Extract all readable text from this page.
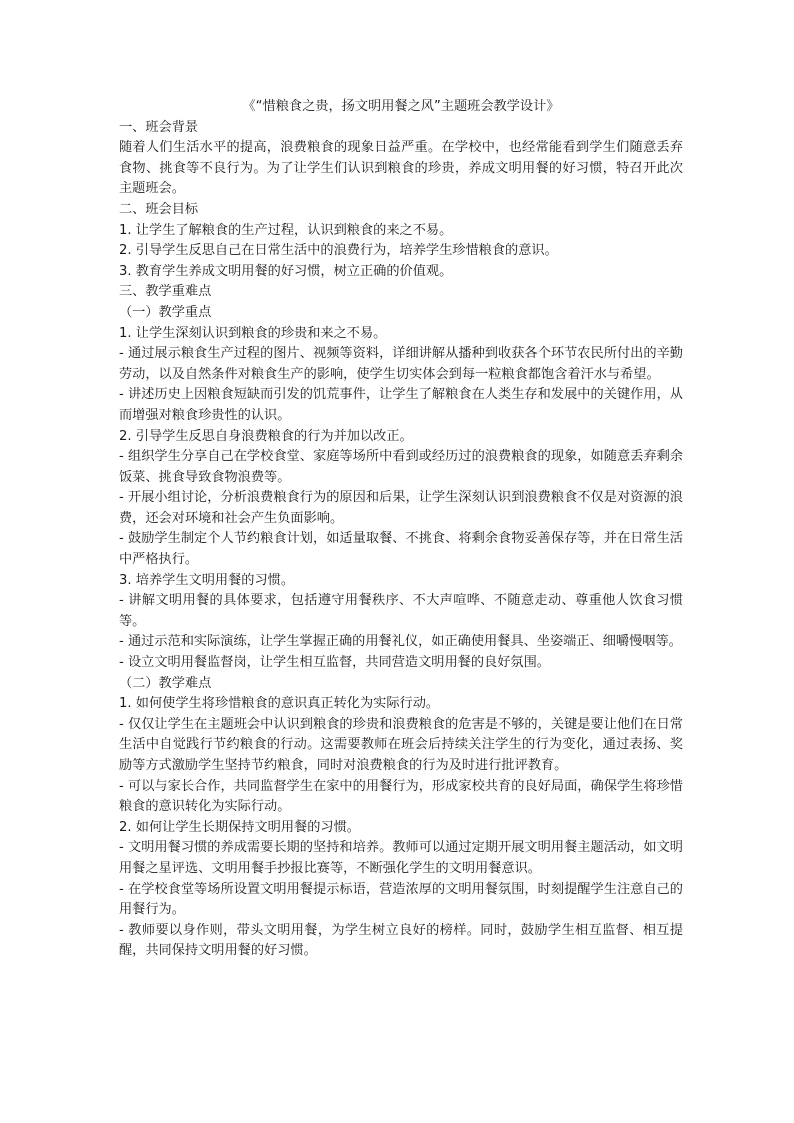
《“惜粮食之贵，扬文明用餐之风”主题班会教学设计》

一、班会背景

随着人们生活水平的提高，浪费粮食的现象日益严重。在学校中，也经常能看到学生们随意丢弃食物、挑食等不良行为。为了让学生们认识到粮食的珍贵，养成文明用餐的好习惯，特召开此次主题班会。

二、班会目标

1. 让学生了解粮食的生产过程，认识到粮食的来之不易。

2. 引导学生反思自己在日常生活中的浪费行为，培养学生珍惜粮食的意识。

3. 教育学生养成文明用餐的好习惯，树立正确的价值观。

三、教学重难点

（一）教学重点

1. 让学生深刻认识到粮食的珍贵和来之不易。

- 通过展示粮食生产过程的图片、视频等资料，详细讲解从播种到收获各个环节农民所付出的辛勤劳动，以及自然条件对粮食生产的影响，使学生切实体会到每一粒粮食都饱含着汗水与希望。

- 讲述历史上因粮食短缺而引发的饥荒事件，让学生了解粮食在人类生存和发展中的关键作用，从而增强对粮食珍贵性的认识。

2. 引导学生反思自身浪费粮食的行为并加以改正。

- 组织学生分享自己在学校食堂、家庭等场所中看到或经历过的浪费粮食的现象，如随意丢弃剩余饭菜、挑食导致食物浪费等。

- 开展小组讨论，分析浪费粮食行为的原因和后果，让学生深刻认识到浪费粮食不仅是对资源的浪费，还会对环境和社会产生负面影响。

- 鼓励学生制定个人节约粮食计划，如适量取餐、不挑食、将剩余食物妥善保存等，并在日常生活中严格执行。

3. 培养学生文明用餐的习惯。

- 讲解文明用餐的具体要求，包括遵守用餐秩序、不大声喧哗、不随意走动、尊重他人饮食习惯等。

- 通过示范和实际演练，让学生掌握正确的用餐礼仪，如正确使用餐具、坐姿端正、细嚼慢咽等。

- 设立文明用餐监督岗，让学生相互监督，共同营造文明用餐的良好氛围。

（二）教学难点

1. 如何使学生将珍惜粮食的意识真正转化为实际行动。

- 仅仅让学生在主题班会中认识到粮食的珍贵和浪费粮食的危害是不够的，关键是要让他们在日常生活中自觉践行节约粮食的行动。这需要教师在班会后持续关注学生的行为变化，通过表扬、奖励等方式激励学生坚持节约粮食，同时对浪费粮食的行为及时进行批评教育。

- 可以与家长合作，共同监督学生在家中的用餐行为，形成家校共育的良好局面，确保学生将珍惜粮食的意识转化为实际行动。

2. 如何让学生长期保持文明用餐的习惯。

- 文明用餐习惯的养成需要长期的坚持和培养。教师可以通过定期开展文明用餐主题活动，如文明用餐之星评选、文明用餐手抄报比赛等，不断强化学生的文明用餐意识。

- 在学校食堂等场所设置文明用餐提示标语，营造浓厚的文明用餐氛围，时刻提醒学生注意自己的用餐行为。

- 教师要以身作则，带头文明用餐，为学生树立良好的榜样。同时，鼓励学生相互监督、相互提醒，共同保持文明用餐的好习惯。
